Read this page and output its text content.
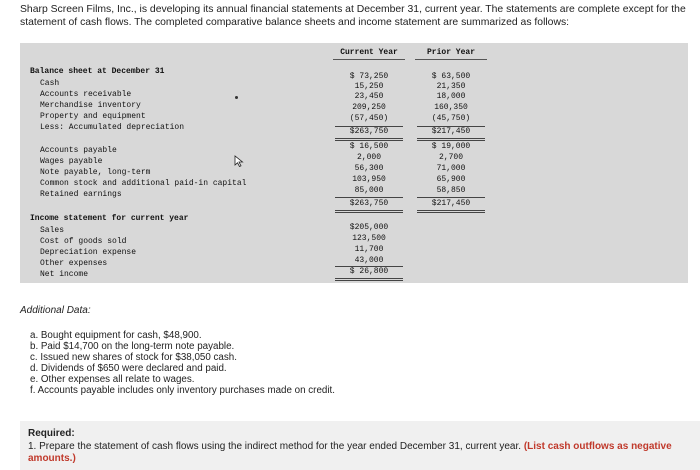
Sharp Screen Films, Inc., is developing its annual financial statements at December 31, current year. The statements are complete except for the statement of cash flows. The completed comparative balance sheets and income statement are summarized as follows:
Current Year	Prior Year
Balance sheet at December 31
Cash
Accounts receivable
Merchandise inventory
Property and equipment
Less: Accumulated depreciation
$ 73,250
15,250
23,450
209,250
(57,450)
$263,750
$ 63,500
21,350
18,000
160,350
(45,750)
$217,450
Accounts payable
Wages payable
Note payable, long-term
Common stock and additional paid-in capital
Retained earnings
$ 16,500
2,000
56,300
103,950
85,000
$263,750
$ 19,000
2,700
71,000
65,900
58,850
$217,450
Income statement for current year
Sales
Cost of goods sold
Depreciation expense
Other expenses
Net income
$205,000
123,500
11,700
43,000
$ 26,800
Additional Data:
a. Bought equipment for cash, $48,900.
b. Paid $14,700 on the long-term note payable.
c. Issued new shares of stock for $38,050 cash.
d. Dividends of $650 were declared and paid.
e. Other expenses all relate to wages.
f. Accounts payable includes only inventory purchases made on credit.
Required:
1. Prepare the statement of cash flows using the indirect method for the year ended December 31, current year. (List cash outflows as negative amounts.)
